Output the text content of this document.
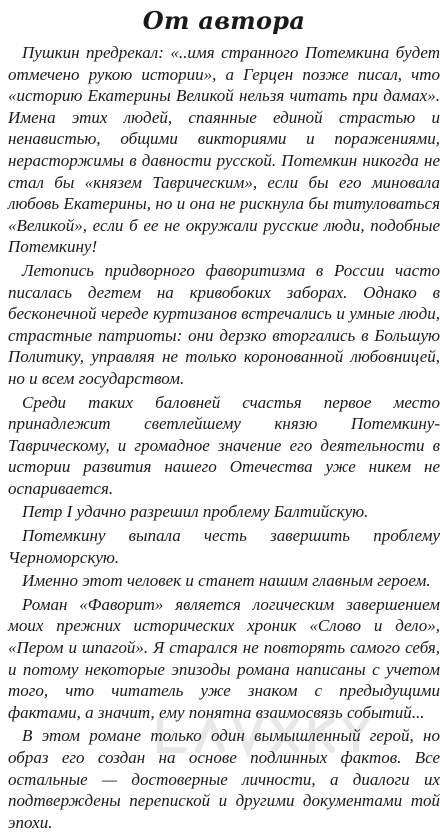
От автора

Пушкин предрекал: «..имя странного Потемкина будет отмечено рукою истории», а Герцен позже писал, что «историю Екатерины Великой нельзя читать при дамах». Имена этих людей, спаянные единой страстью и ненавистью, общими викториями и поражениями, нерасторжимы в давности русской. Потемкин никогда не стал бы «князем Таврическим», если бы его миновала любовь Екатерины, но и она не рискнула бы титуловаться «Великой», если б ее не окружали русские люди, подобные Потемкину!

Летопись придворного фаворитизма в России часто писалась дегтем на кривобоких заборах. Однако в бесконечной череде куртизанов встречались и умные люди, страстные патриоты: они дерзко вторгались в Большую Политику, управляя не только коронованной любовницей, но и всем государством.

Среди таких баловней счастья первое место принадлежит светлейшему князю Потемкину-Таврическому, и громадное значение его деятельности в истории развития нашего Отечества уже никем не оспаривается.

Петр I удачно разрешил проблему Балтийскую.

Потемкину выпала честь завершить проблему Черноморскую.

Именно этот человек и станет нашим главным героем.

Роман «Фаворит» является логическим завершением моих прежних исторических хроник «Слово и дело», «Пером и шпагой». Я старался не повторять самого себя, и потому некоторые эпизоды романа написаны с учетом того, что читатель уже знаком с предыдущими фактами, а значит, ему понятна взаимосвязь событий...

В этом романе только один вымышленный герой, но образ его создан на основе подлинных фактов. Все остальные — достоверные личности, а диалоги их подтверждены перепиской и другими документами той эпохи.
